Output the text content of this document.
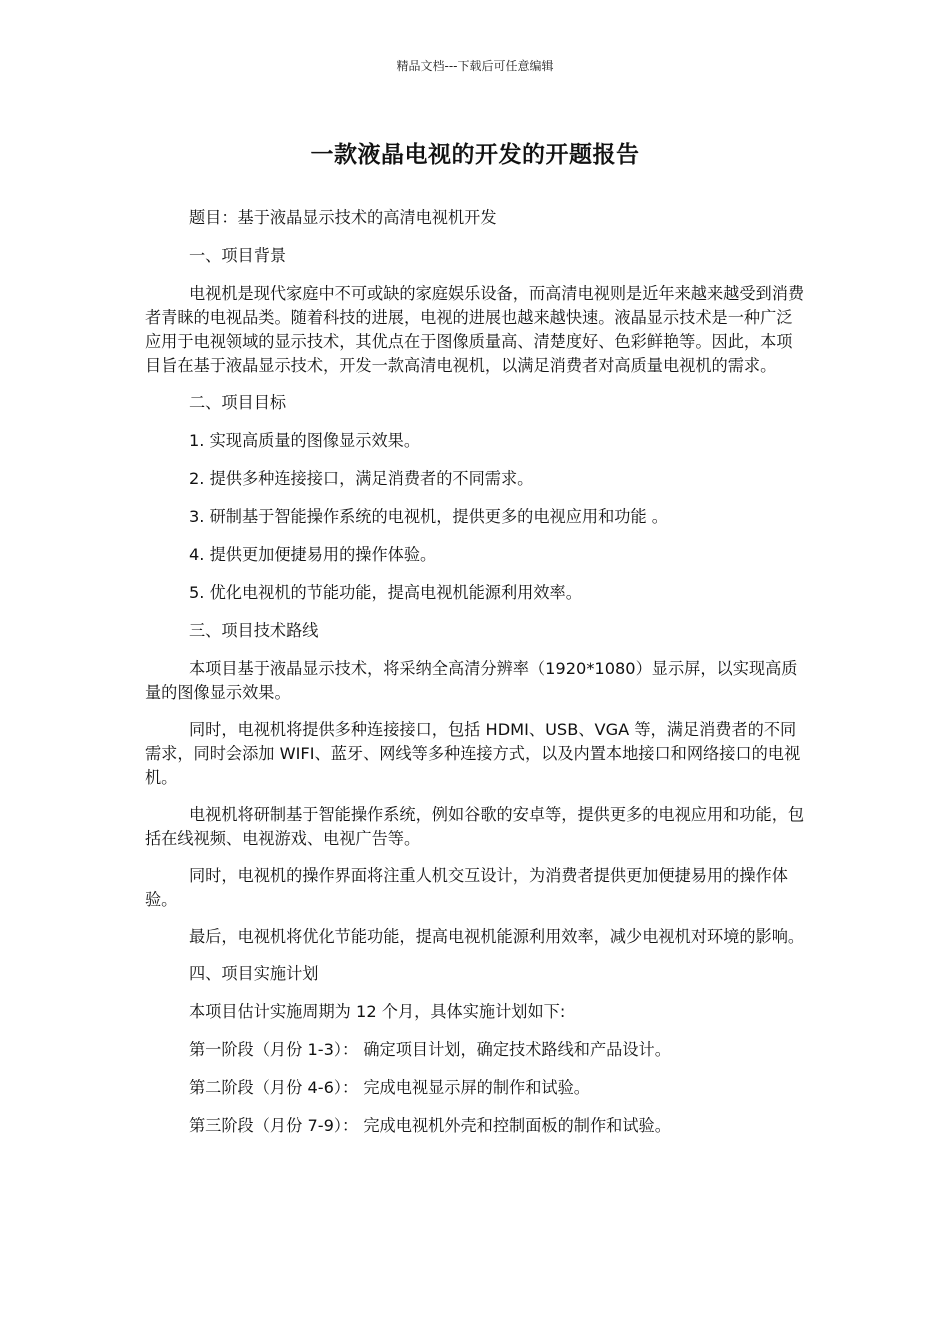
精品文档---下载后可任意编辑
一款液晶电视的开发的开题报告

题目：基于液晶显示技术的高清电视机开发

一、项目背景

电视机是现代家庭中不可或缺的家庭娱乐设备，而高清电视则是近年来越来越受到消费者青睐的电视品类。随着科技的进展，电视的进展也越来越快速。液晶显示技术是一种广泛应用于电视领域的显示技术，其优点在于图像质量高、清楚度好、色彩鲜艳等。因此，本项目旨在基于液晶显示技术，开发一款高清电视机，以满足消费者对高质量电视机的需求。

二、项目目标

1. 实现高质量的图像显示效果。

2. 提供多种连接接口，满足消费者的不同需求。

3. 研制基于智能操作系统的电视机，提供更多的电视应用和功能 。

4. 提供更加便捷易用的操作体验。

5. 优化电视机的节能功能，提高电视机能源利用效率。

三、项目技术路线

本项目基于液晶显示技术，将采纳全高清分辨率（1920*1080）显示屏，以实现高质量的图像显示效果。

同时，电视机将提供多种连接接口，包括 HDMI、USB、VGA 等，满足消费者的不同需求，同时会添加 WIFI、蓝牙、网线等多种连接方式，以及内置本地接口和网络接口的电视机。

电视机将研制基于智能操作系统，例如谷歌的安卓等，提供更多的电视应用和功能，包括在线视频、电视游戏、电视广告等。

同时，电视机的操作界面将注重人机交互设计，为消费者提供更加便捷易用的操作体验。

最后，电视机将优化节能功能，提高电视机能源利用效率，减少电视机对环境的影响。

四、项目实施计划

本项目估计实施周期为 12 个月，具体实施计划如下:

第一阶段（月份 1-3）： 确定项目计划，确定技术路线和产品设计。

第二阶段（月份 4-6）： 完成电视显示屏的制作和试验。

第三阶段（月份 7-9）： 完成电视机外壳和控制面板的制作和试验。
